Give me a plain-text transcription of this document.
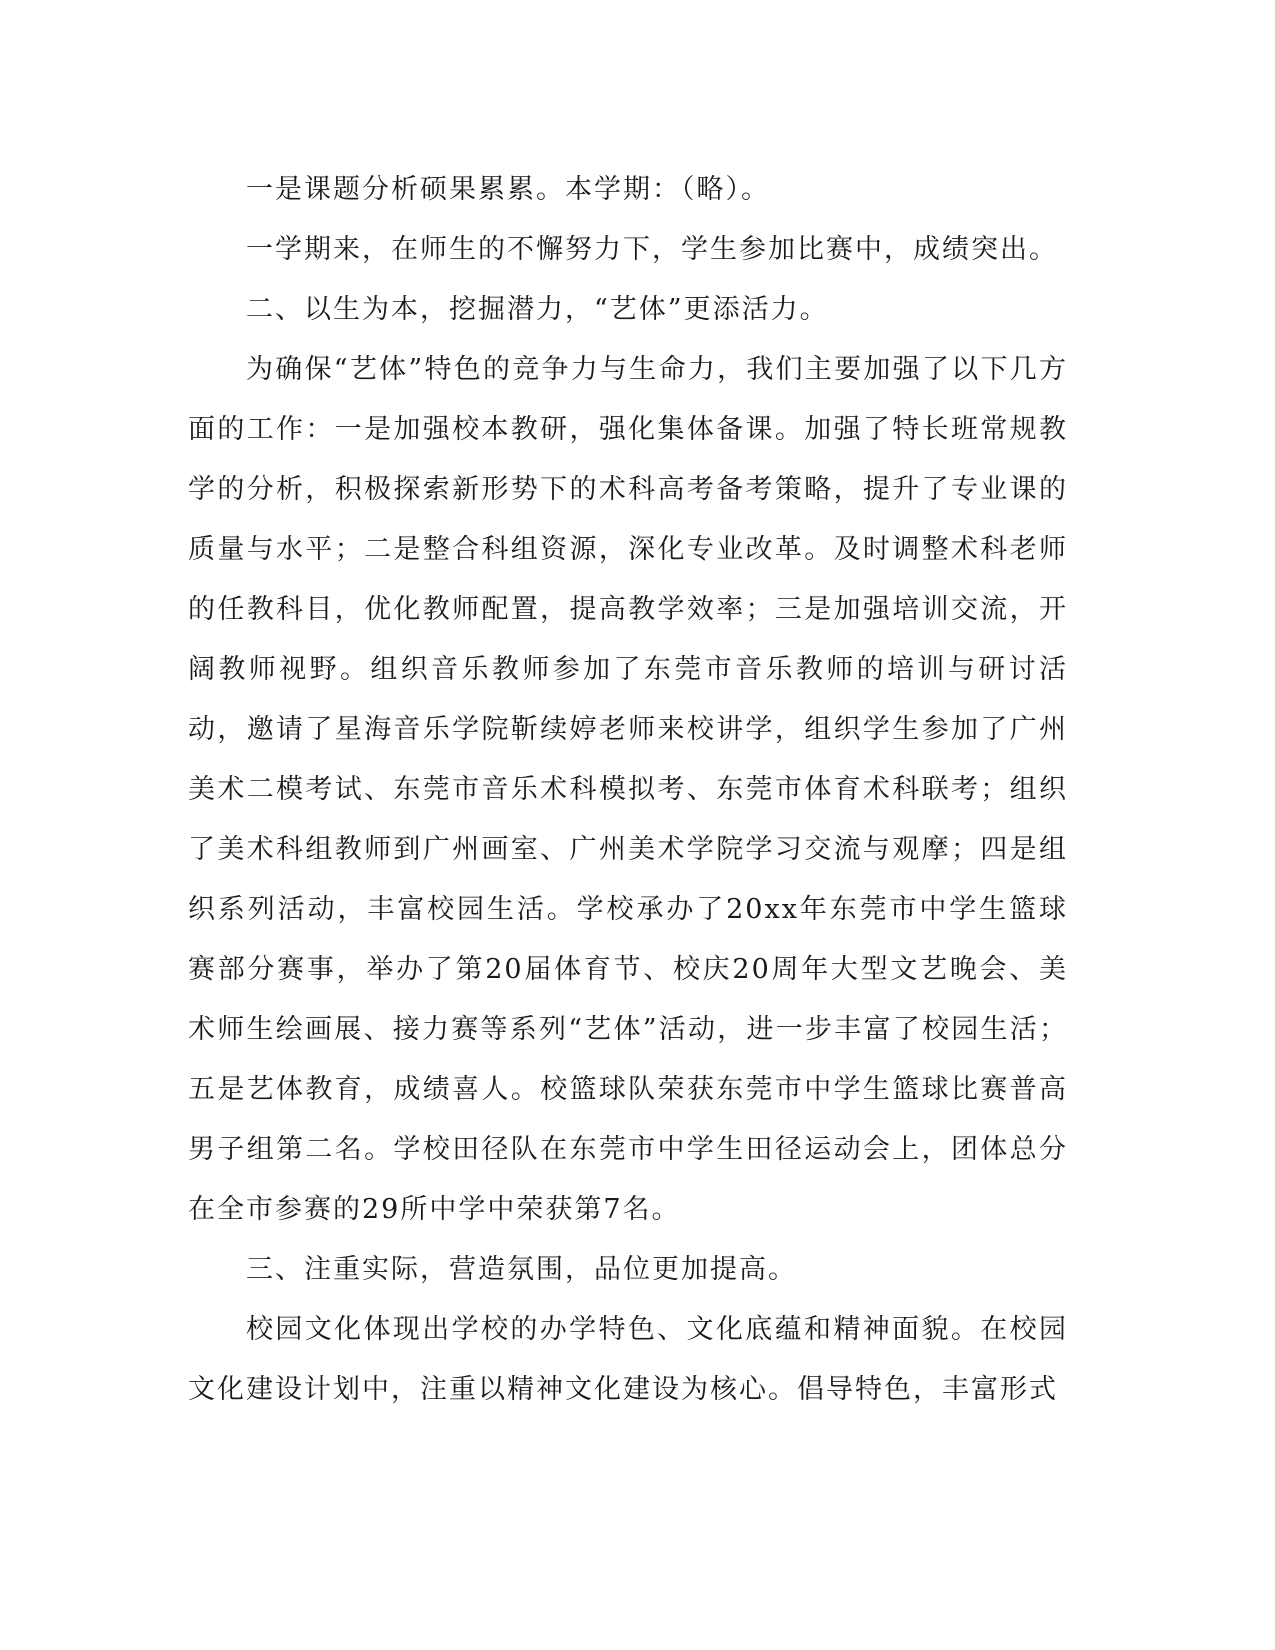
一是课题分析硕果累累。本学期：（略）。

一学期来，在师生的不懈努力下，学生参加比赛中，成绩突出。

二、以生为本，挖掘潜力，“艺体”更添活力。

为确保“艺体”特色的竞争力与生命力，我们主要加强了以下几方面的工作：一是加强校本教研，强化集体备课。加强了特长班常规教学的分析，积极探索新形势下的术科高考备考策略，提升了专业课的质量与水平；二是整合科组资源，深化专业改革。及时调整术科老师的任教科目，优化教师配置，提高教学效率；三是加强培训交流，开阔教师视野。组织音乐教师参加了东莞市音乐教师的培训与研讨活动，邀请了星海音乐学院靳续婷老师来校讲学，组织学生参加了广州美术二模考试、东莞市音乐术科模拟考、东莞市体育术科联考；组织了美术科组教师到广州画室、广州美术学院学习交流与观摩；四是组织系列活动，丰富校园生活。学校承办了20xx年东莞市中学生篮球赛部分赛事，举办了第20届体育节、校庆20周年大型文艺晚会、美术师生绘画展、接力赛等系列“艺体”活动，进一步丰富了校园生活；五是艺体教育，成绩喜人。校篮球队荣获东莞市中学生篮球比赛普高男子组第二名。学校田径队在东莞市中学生田径运动会上，团体总分在全市参赛的29所中学中荣获第7名。

三、注重实际，营造氛围，品位更加提高。

校园文化体现出学校的办学特色、文化底蕴和精神面貌。在校园文化建设计划中，注重以精神文化建设为核心。倡导特色，丰富形式
